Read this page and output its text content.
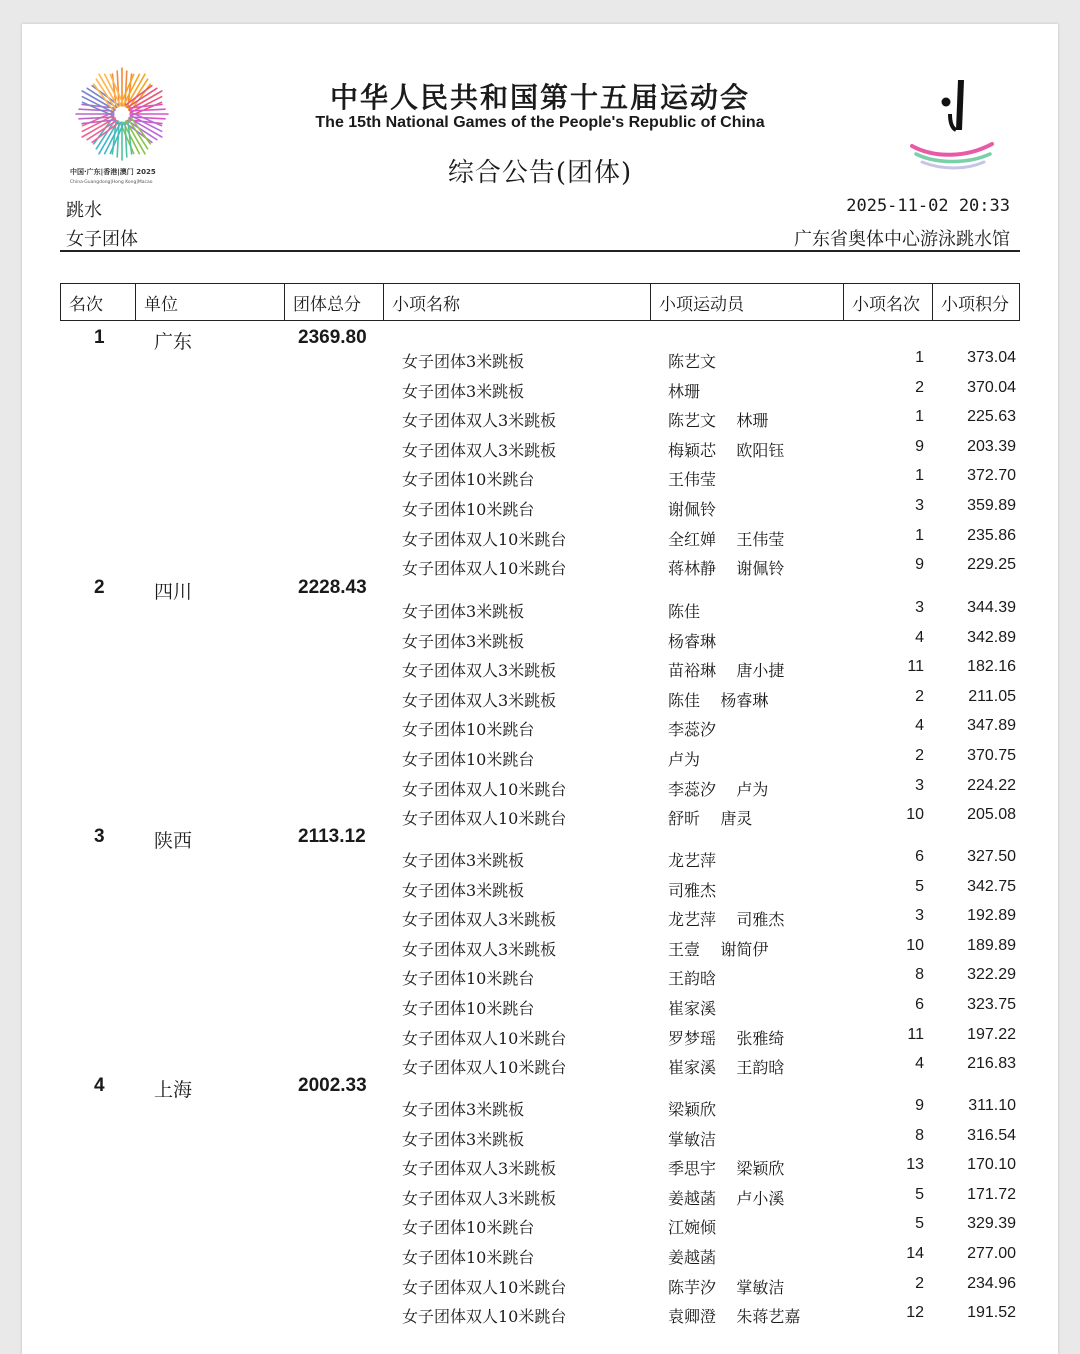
中国·广东|香港|澳门 2025
China·Guangdong|Hong Kong|Macao
中华人民共和国第十五届运动会
The 15th National Games of the People's Republic of China
综合公告(团体)
跳水
女子团体
2025-11-02 20:33
广东省奥体中心游泳跳水馆
名次	单位	团体总分	小项名称	小项运动员	小项名次	小项积分
1	广东	2369.80
女子团体3米跳板	陈艺文	1	373.04
女子团体3米跳板	林珊	2	370.04
女子团体双人3米跳板	陈艺文    林珊	1	225.63
女子团体双人3米跳板	梅颖芯    欧阳钰	9	203.39
女子团体10米跳台	王伟莹	1	372.70
女子团体10米跳台	谢佩铃	3	359.89
女子团体双人10米跳台	全红婵    王伟莹	1	235.86
女子团体双人10米跳台	蒋林静    谢佩铃	9	229.25
2	四川	2228.43
女子团体3米跳板	陈佳	3	344.39
女子团体3米跳板	杨睿琳	4	342.89
女子团体双人3米跳板	苗裕琳    唐小捷	11	182.16
女子团体双人3米跳板	陈佳    杨睿琳	2	211.05
女子团体10米跳台	李蕊汐	4	347.89
女子团体10米跳台	卢为	2	370.75
女子团体双人10米跳台	李蕊汐    卢为	3	224.22
女子团体双人10米跳台	舒昕    唐灵	10	205.08
3	陕西	2113.12
女子团体3米跳板	龙艺萍	6	327.50
女子团体3米跳板	司雅杰	5	342.75
女子团体双人3米跳板	龙艺萍    司雅杰	3	192.89
女子团体双人3米跳板	王壹    谢简伊	10	189.89
女子团体10米跳台	王韵晗	8	322.29
女子团体10米跳台	崔家溪	6	323.75
女子团体双人10米跳台	罗梦瑶    张雅绮	11	197.22
女子团体双人10米跳台	崔家溪    王韵晗	4	216.83
4	上海	2002.33
女子团体3米跳板	梁颖欣	9	311.10
女子团体3米跳板	掌敏洁	8	316.54
女子团体双人3米跳板	季思宇    梁颖欣	13	170.10
女子团体双人3米跳板	姜越菡    卢小溪	5	171.72
女子团体10米跳台	江婉倾	5	329.39
女子团体10米跳台	姜越菡	14	277.00
女子团体双人10米跳台	陈芋汐    掌敏洁	2	234.96
女子团体双人10米跳台	袁卿澄    朱蒋艺嘉	12	191.52
